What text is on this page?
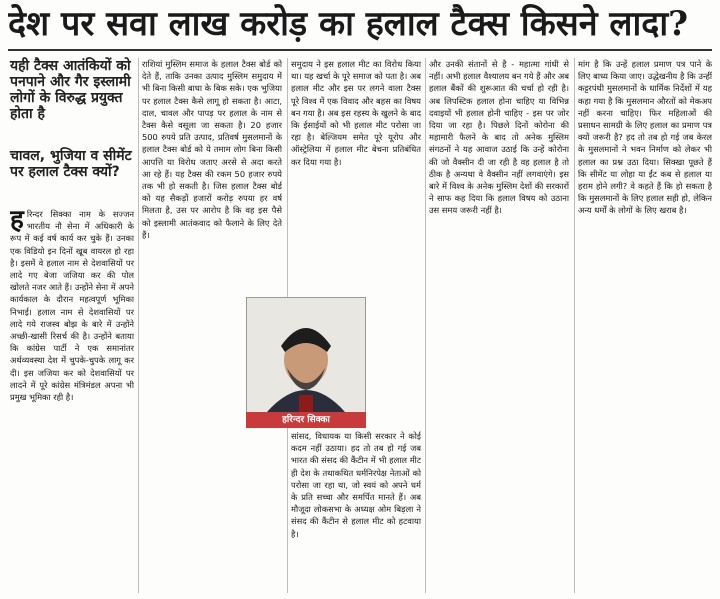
देश पर सवा लाख करोड़ का हलाल टैक्स किसने लादा?
यही टैक्स आतंकियों को पनपाने और गैर इस्लामी लोगों के विरुद्ध प्रयुक्त होता है
चावल, भुजिया व सीमेंट पर हलाल टैक्स क्यों?
हरिन्दर सिक्का नाम के सज्जन भारतीय नौ सेना में अधिकारी के रूप में कई वर्ष कार्य कर चुके हैं। उनका एक विडियो इन दिनों खूब वायरल हो रहा है। इसमें वे हलाल नाम से देशवासियों पर लादे गए बेजा जजिया कर की पोल खोलते नजर आते हैं। उन्होंने सेना में अपने कार्यकाल के दौरान महत्वपूर्ण भूमिका निभाई। हलाल नाम से देशवासियों पर लादे गये राजस्व बोझ के बारे में उन्होंने अच्छी-खासी रिसर्च की है। उन्होंने बताया कि कांग्रेस पार्टी ने एक समानांतर अर्थव्यवस्था देश में चुपके-चुपके लागू कर दी। इस जजिया कर को देशवासियों पर लादने में पूरे कांग्रेस मंत्रिमंडल अपना भी प्रमुख भूमिका रही है।
राशियां मुस्लिम समाज के हलाल टैक्स बोर्ड को देते हैं, ताकि उनका उत्पाद मुस्लिम समुदाय में भी बिना किसी बाधा के बिक सके। एक भुजिया पर हलाल टैक्स कैसे लागू हो सकता है। आटा, दाल, चावल और पापड़ पर हलाल के नाम से टैक्स कैसे वसूला जा सकता है। 20 हजार 500 रुपये प्रति उत्पाद, प्रतिवर्ष मुसलमानों के हलाल टैक्स बोर्ड को ये तमाम लोग बिना किसी आपत्ति या विरोध जताए अरसे से अदा करते आ रहे हैं। यह टैक्स की रकम 50 हजार रुपये तक भी हो सकती है। जिस हलाल टैक्स बोर्ड को यह सैकड़ों हजारों करोड़ रुपया हर वर्ष मिलता है, उस पर आरोप है कि वह इस पैसे को इस्लामी आतंकवाद को फैलाने के लिए देते हैं।
समुदाय ने इस हलाल मीट का विरोध किया था। यह खर्चा के पूरे समाज को पता है। अब हलाल मीट और इस पर लगने वाला टैक्स पूरे विश्व में एक विवाद और बहस का विषय बन गया है। अब इस रहस्य के खुलने के बाद कि ईसाईयों को भी हलाल मीट परोसा जा रहा है। बेल्जियम समेत पूरे यूरोप और ऑस्ट्रेलिया में हलाल मीट बेचना प्रतिबंधित कर दिया गया है।
हरिन्दर सिक्का
सांसद, विधायक या किसी सरकार ने कोई कदम नहीं उठाया। हद तो तब हो गई जब भारत की संसद की कैंटीन में भी हलाल मीट ही देश के तथाकथित धर्मनिरपेक्ष नेताओं को परोसा जा रहा था, जो स्वयं को अपने धर्म के प्रति सच्चा और समर्पित मानते हैं। अब मौजूदा लोकसभा के अध्यक्ष ओम बिड़ला ने संसद की कैंटीन से हलाल मीट को हटवाया है।
और उनकी संतानों से है - महात्मा गांधी से नहीं। अभी हलाल वैश्यालय बन गये हैं और अब हलाल बैंकों की शुरूआत की चर्चा हो रही है। अब लिपस्टिक हलाल होना चाहिए या विभिन्न दवाइयों भी हलाल होनी चाहिए - इस पर जोर दिया जा रहा है। पिछले दिनों कोरोना की महामारी फैलने के बाद तो अनेक मुस्लिम संगठनों ने यह आवाज उठाई कि उन्हें कोरोना की जो वैक्सीन दी जा रही है वह हलाल है तो ठीक है अन्यथा वे वैक्सीन नहीं लगवाएंगे। इस बारे में विश्व के अनेक मुस्लिम देशों की सरकारों ने साफ कह दिया कि हलाल विषय को उठाना उस समय जरूरी नहीं है।
मांग है कि उन्हें हलाल प्रमाण पत्र पाने के लिए बाध्य किया जाए। उद्धेखनीय है कि उन्हीं कट्टरपंथी मुसलमानों के धार्मिक निर्देशों में यह कहा गया है कि मुसलमान औरतों को मेकअप नहीं करना चाहिए। फिर महिलाओं की प्रसाधन सामग्री के लिए हलाल का प्रमाण पत्र क्यों जरूरी है? हद तो तब हो गई जब केरल के मुसलमानों ने भवन निर्माण को लेकर भी हलाल का प्रश्न उठा दिया। सिक्खा पूछते हैं कि सीमेंट या लोहा या ईंट कब से हलाल या हराम होने लगी? वे कहते हैं कि हो सकता है कि मुसलमानों के लिए हलाल सही हो, लेकिन अन्य धर्मों के लोगों के लिए खराब है।
